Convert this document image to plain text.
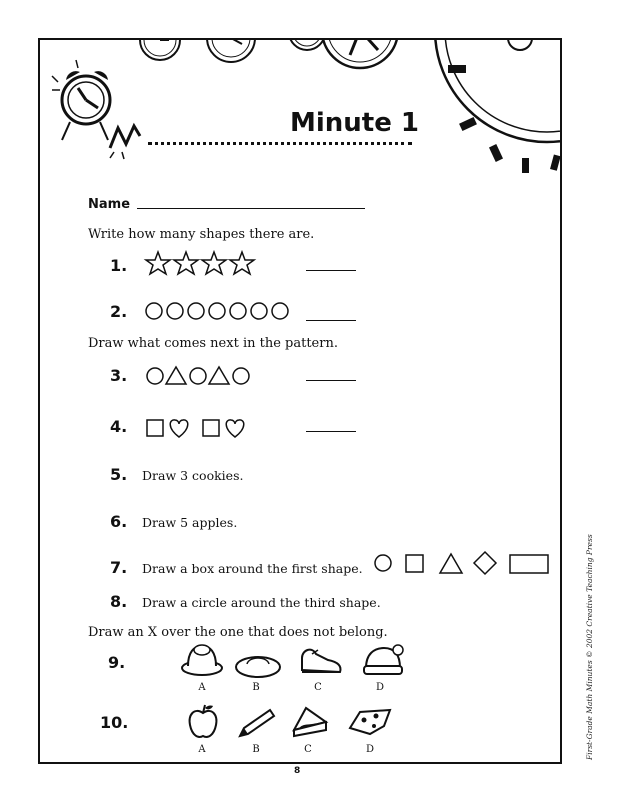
Minute 1
Name
Write how many shapes there are.
1.
2.
Draw what comes next in the pattern.
3.
4.
5. Draw 3 cookies.
6. Draw 5 apples.
7. Draw a box around the first shape.
8. Draw a circle around the third shape.
Draw an X over the one that does not belong.
9.
A	B	C	D
10.
A	B	C	D	First-Grade Math Minutes © 2002 Creative Teaching Press
8
